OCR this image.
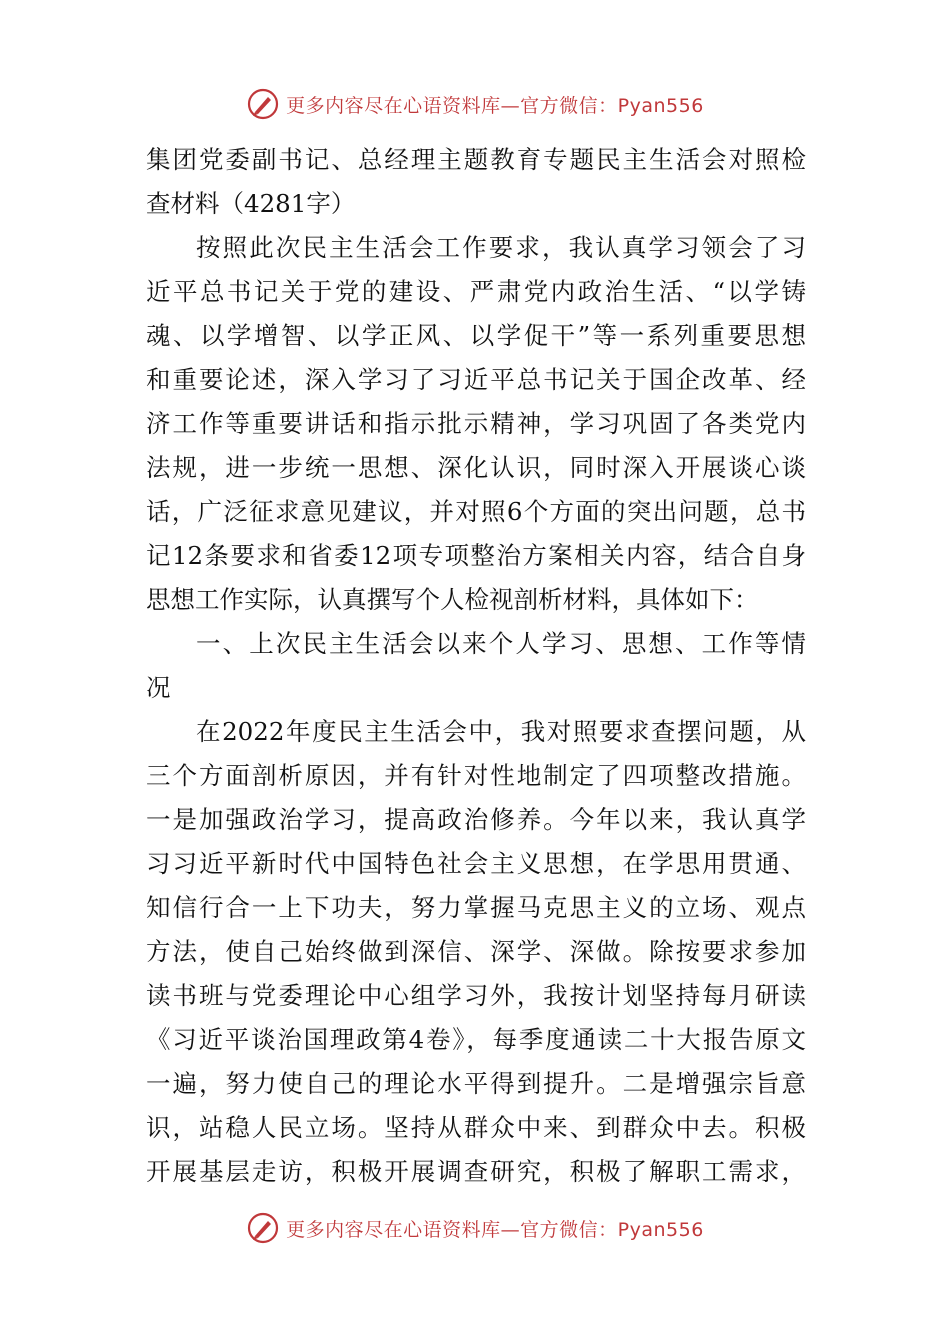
更多内容尽在心语资料库—官方微信：Pyan556
集团党委副书记、总经理主题教育专题民主生活会对照检
查材料（4281字）
按照此次民主生活会工作要求，我认真学习领会了习
近平总书记关于党的建设、严肃党内政治生活、“以学铸
魂、以学增智、以学正风、以学促干”等一系列重要思想
和重要论述，深入学习了习近平总书记关于国企改革、经
济工作等重要讲话和指示批示精神，学习巩固了各类党内
法规，进一步统一思想、深化认识，同时深入开展谈心谈
话，广泛征求意见建议，并对照6个方面的突出问题，总书
记12条要求和省委12项专项整治方案相关内容，结合自身
思想工作实际，认真撰写个人检视剖析材料，具体如下：
一、上次民主生活会以来个人学习、思想、工作等情
况
在2022年度民主生活会中，我对照要求查摆问题，从
三个方面剖析原因，并有针对性地制定了四项整改措施。
一是加强政治学习，提高政治修养。今年以来，我认真学
习习近平新时代中国特色社会主义思想，在学思用贯通、
知信行合一上下功夫，努力掌握马克思主义的立场、观点
方法，使自己始终做到深信、深学、深做。除按要求参加
读书班与党委理论中心组学习外，我按计划坚持每月研读
《习近平谈治国理政第4卷》，每季度通读二十大报告原文
一遍，努力使自己的理论水平得到提升。二是增强宗旨意
识，站稳人民立场。坚持从群众中来、到群众中去。积极
开展基层走访，积极开展调查研究，积极了解职工需求，
更多内容尽在心语资料库—官方微信：Pyan556
